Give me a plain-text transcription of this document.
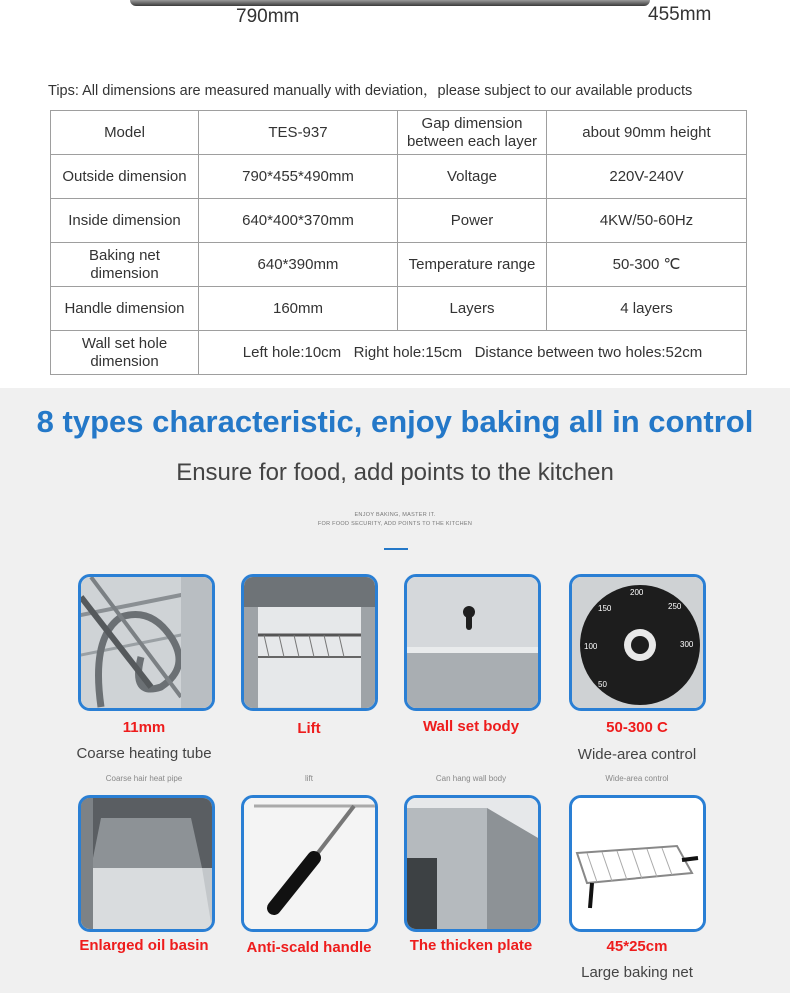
790mm	455mm
Tips: All dimensions are measured manually with deviation，please subject to our available products
Model	TES-937	Gap dimension between each layer	about 90mm height
Outside dimension	790*455*490mm	Voltage	220V-240V
Inside dimension	640*400*370mm	Power	4KW/50-60Hz
Baking net dimension	640*390mm	Temperature range	50-300 ℃
Handle dimension	160mm	Layers	4 layers
Wall set hole dimension	Left hole:10cm   Right hole:15cm   Distance between two holes:52cm		
8 types characteristic, enjoy baking all in control
Ensure for food, add points to the kitchen
ENJOY BAKING, MASTER IT.
FOR FOOD SECURITY, ADD POINTS TO THE KITCHEN
100
150
200
250
300
50
11mm
Coarse heating tube
Coarse hair heat pipe
Lift
lift
Wall set body
Can hang wall body
50-300 C
Wide-area control
Wide-area control
Enlarged oil basin	Anti-scald handle	The thicken plate	45*25cm
Large baking net
